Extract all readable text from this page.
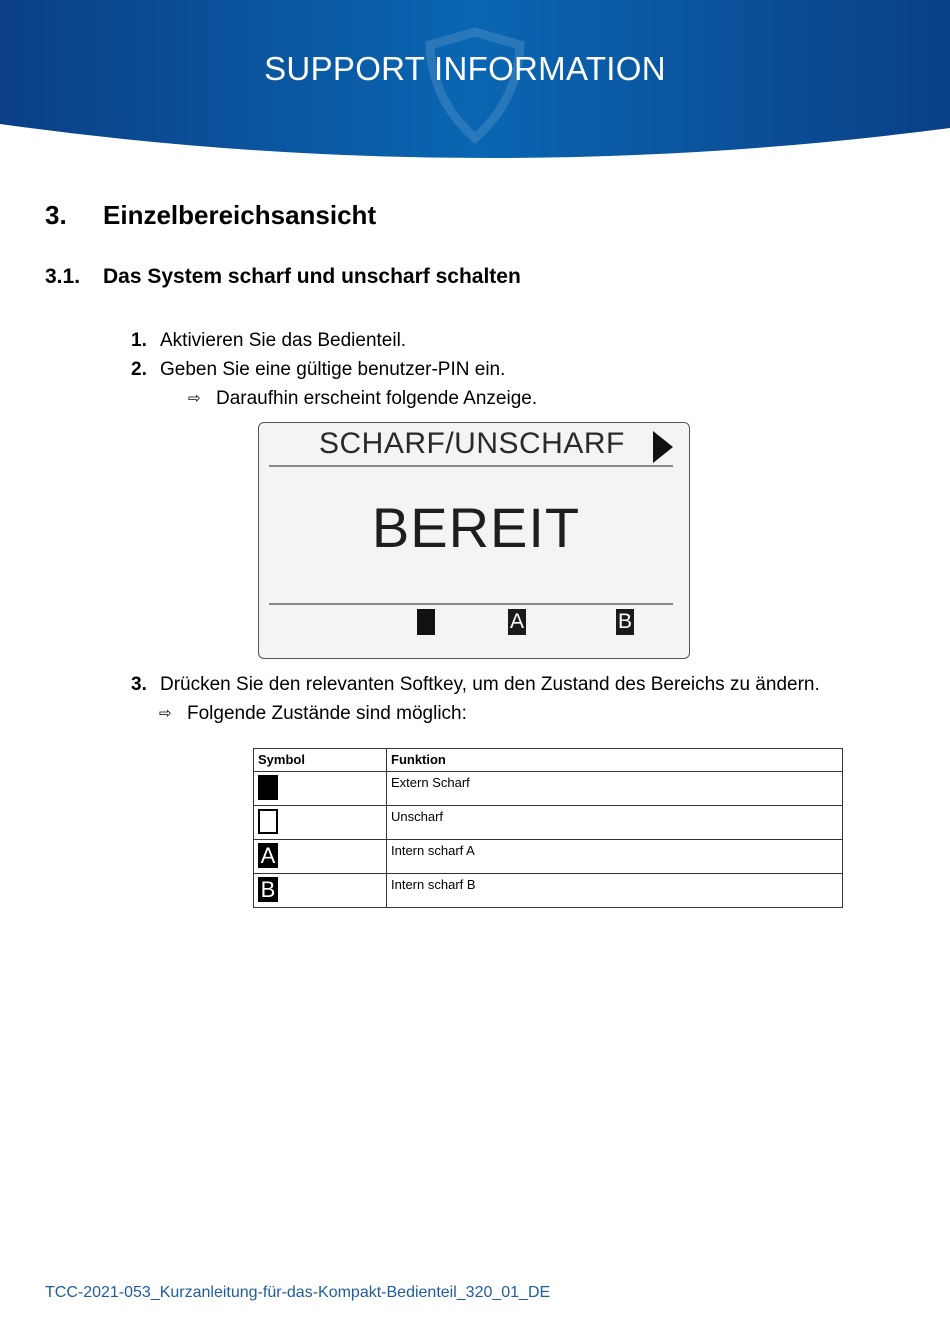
SUPPORT INFORMATION
3. Einzelbereichsansicht
3.1. Das System scharf und unscharf schalten
1. Aktivieren Sie das Bedienteil.
2. Geben Sie eine gültige benutzer-PIN ein.
⇨ Daraufhin erscheint folgende Anzeige.
SCHARF/UNSCHARF
BEREIT
A	B
3. Drücken Sie den relevanten Softkey, um den Zustand des Bereichs zu ändern.
⇨ Folgende Zustände sind möglich:
Symbol	Funktion
	Extern Scharf
	Unscharf
A	Intern scharf A
B	Intern scharf B
TCC-2021-053_Kurzanleitung-für-das-Kompakt-Bedienteil_320_01_DE
